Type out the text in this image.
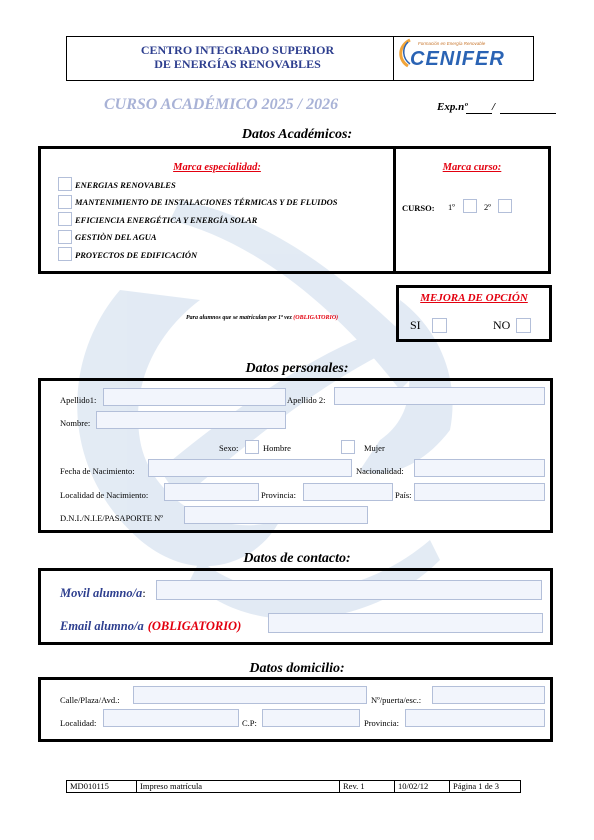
CENTRO INTEGRADO SUPERIOR
DE ENERGÍAS RENOVABLES
Formación en Energía Renovable
CENIFER
CURSO ACADÉMICO 2025 / 2026	Exp.nº /
Datos Académicos:
Marca especialidad:
ENERGIAS RENOVABLES
MANTENIMIENTO DE INSTALACIONES TÉRMICAS Y DE FLUIDOS
EFICIENCIA ENERGÉTICA Y ENERGÍA SOLAR
GESTIÒN DEL AGUA
PROYECTOS DE EDIFICACIÓN
Marca curso:
CURSO: 1º	2º
Para alumnos que se matriculan por 1ª vez (OBLIGATORIO)
MEJORA DE OPCIÓN
SI	NO
Datos personales:
Apellido1:	Apellido 2:
Nombre:
Sexo:	Hombre	Mujer
Fecha de Nacimiento:	Nacionalidad:
Localidad de Nacimiento:	Provincia:	País:
D.N.I./N.I.E/PASAPORTE Nº
Datos de contacto:
Movil alumno/a:
Email alumno/a (OBLIGATORIO)
Datos domicilio:
Calle/Plaza/Avd.:	Nº/puerta/esc.:
Localidad:	C.P:	Provincia:
MD010115	Impreso matrícula	Rev. 1	10/02/12	Página 1 de 3
